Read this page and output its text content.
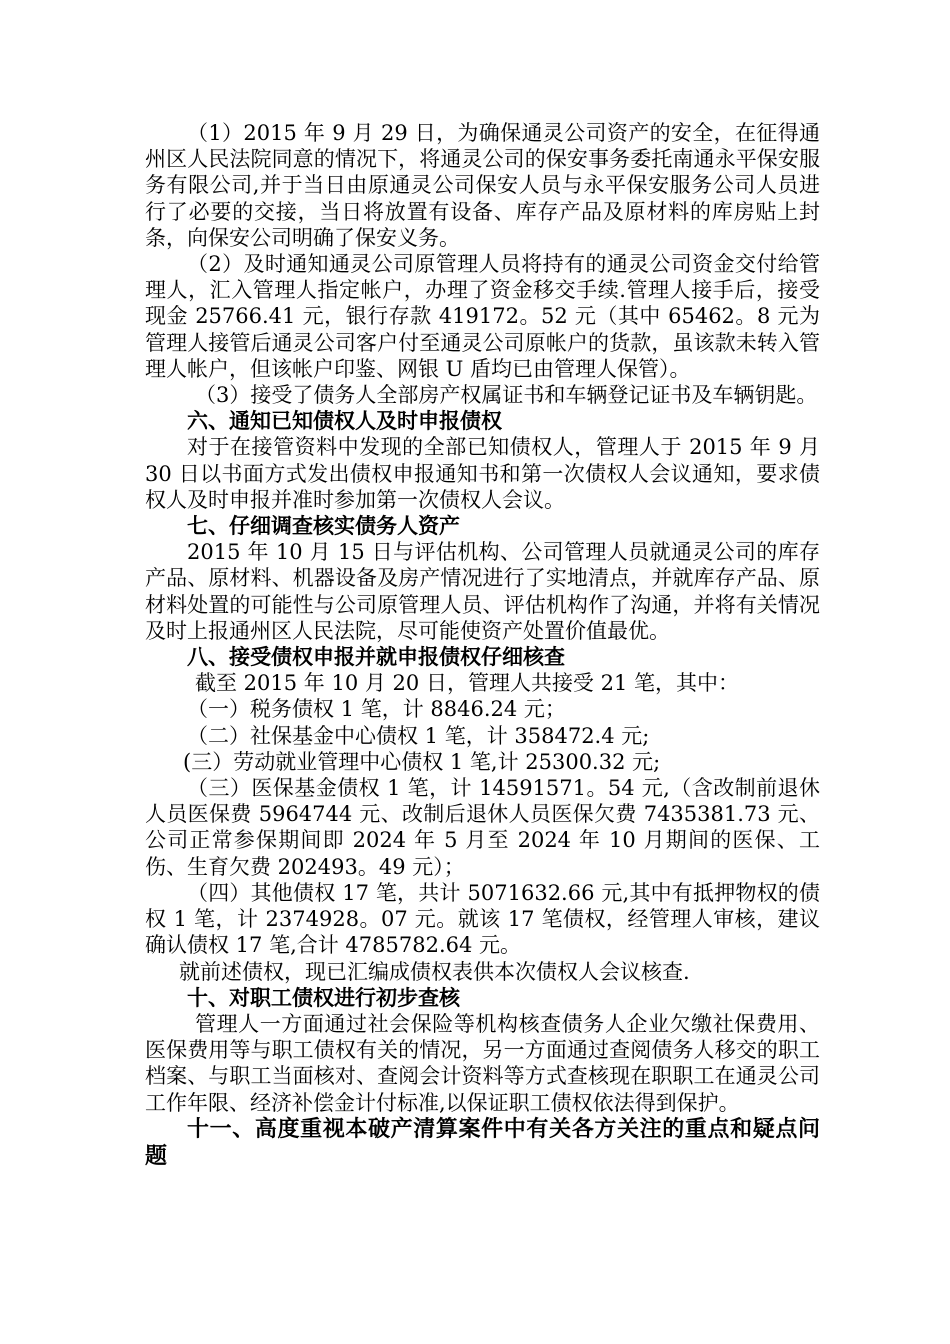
（1）2015 年 9 月 29 日，为确保通灵公司资产的安全，在征得通州区人民法院同意的情况下，将通灵公司的保安事务委托南通永平保安服务有限公司,并于当日由原通灵公司保安人员与永平保安服务公司人员进行了必要的交接，当日将放置有设备、库存产品及原材料的库房贴上封条，向保安公司明确了保安义务。

（2）及时通知通灵公司原管理人员将持有的通灵公司资金交付给管理人，汇入管理人指定帐户，办理了资金移交手续.管理人接手后，接受现金 25766.41 元，银行存款 419172。52 元（其中 65462。8 元为管理人接管后通灵公司客户付至通灵公司原帐户的货款，虽该款未转入管理人帐户，但该帐户印鉴、网银 U 盾均已由管理人保管）。

（3）接受了债务人全部房产权属证书和车辆登记证书及车辆钥匙。

六、通知已知债权人及时申报债权

对于在接管资料中发现的全部已知债权人，管理人于 2015 年 9 月 30 日以书面方式发出债权申报通知书和第一次债权人会议通知，要求债权人及时申报并准时参加第一次债权人会议。

七、仔细调查核实债务人资产

2015 年 10 月 15 日与评估机构、公司管理人员就通灵公司的库存产品、原材料、机器设备及房产情况进行了实地清点，并就库存产品、原材料处置的可能性与公司原管理人员、评估机构作了沟通，并将有关情况及时上报通州区人民法院，尽可能使资产处置价值最优。

八、接受债权申报并就申报债权仔细核查

截至 2015 年 10 月 20 日，管理人共接受 21 笔，其中：

（一）税务债权 1 笔，计 8846.24 元；

（二）社保基金中心债权 1 笔，计 358472.4 元;

(三）劳动就业管理中心债权 1 笔,计 25300.32 元;

（三）医保基金债权 1 笔，计 14591571。54 元,（含改制前退休人员医保费 5964744 元、改制后退休人员医保欠费 7435381.73 元、公司正常参保期间即 2024 年 5 月至 2024 年 10 月期间的医保、工伤、生育欠费 202493。49 元）；

（四）其他债权 17 笔，共计 5071632.66 元,其中有抵押物权的债权 1 笔，计 2374928。07 元。就该 17 笔债权，经管理人审核，建议确认债权 17 笔,合计 4785782.64 元。

就前述债权，现已汇编成债权表供本次债权人会议核查.

十、对职工债权进行初步查核

管理人一方面通过社会保险等机构核查债务人企业欠缴社保费用、医保费用等与职工债权有关的情况，另一方面通过查阅债务人移交的职工档案、与职工当面核对、查阅会计资料等方式查核现在职职工在通灵公司工作年限、经济补偿金计付标准,以保证职工债权依法得到保护。

十一、高度重视本破产清算案件中有关各方关注的重点和疑点问题
